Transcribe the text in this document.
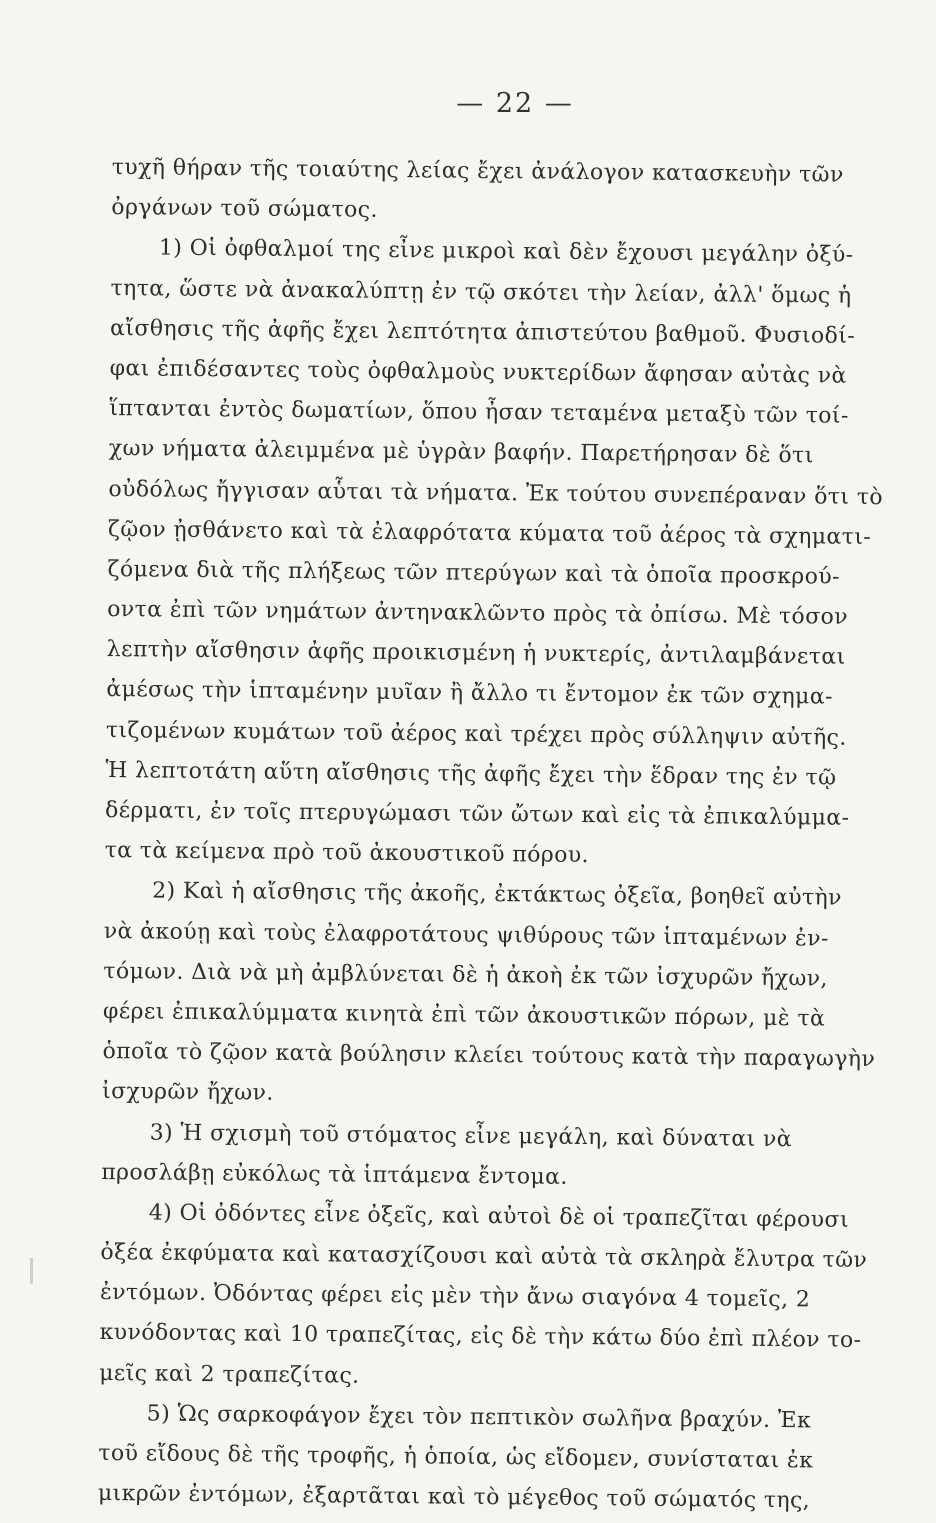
— 22 —
τυχῆ θήραν τῆς τοιαύτης λείας ἔχει ἀνάλογον κατασκευὴν τῶν
ὀργάνων τοῦ σώματος.
1) Οἱ ὀφθαλμοί της εἶνε μικροὶ καὶ δὲν ἔχουσι μεγάλην ὀξύ-
τητα, ὥστε νὰ ἀνακαλύπτῃ ἐν τῷ σκότει τὴν λείαν, ἀλλ' ὅμως ἡ
αἴσθησις τῆς ἀφῆς ἔχει λεπτότητα ἀπιστεύτου βαθμοῦ. Φυσιοδί-
φαι ἐπιδέσαντες τοὺς ὀφθαλμοὺς νυκτερίδων ἄφησαν αὐτὰς νὰ
ἵπτανται ἐντὸς δωματίων, ὅπου ἦσαν τεταμένα μεταξὺ τῶν τοί-
χων νήματα ἀλειμμένα μὲ ὑγρὰν βαφήν. Παρετήρησαν δὲ ὅτι
οὐδόλως ἤγγισαν αὗται τὰ νήματα. Ἐκ τούτου συνεπέραναν ὅτι τὸ
ζῷον ᾐσθάνετο καὶ τὰ ἐλαφρότατα κύματα τοῦ ἀέρος τὰ σχηματι-
ζόμενα διὰ τῆς πλήξεως τῶν πτερύγων καὶ τὰ ὁποῖα προσκρού-
οντα ἐπὶ τῶν νημάτων ἀντηνακλῶντο πρὸς τὰ ὀπίσω. Μὲ τόσον
λεπτὴν αἴσθησιν ἀφῆς προικισμένη ἡ νυκτερίς, ἀντιλαμβάνεται
ἀμέσως τὴν ἱπταμένην μυῖαν ἢ ἄλλο τι ἔντομον ἐκ τῶν σχημα-
τιζομένων κυμάτων τοῦ ἀέρος καὶ τρέχει πρὸς σύλληψιν αὐτῆς.
Ἡ λεπτοτάτη αὕτη αἴσθησις τῆς ἀφῆς ἔχει τὴν ἕδραν της ἐν τῷ
δέρματι, ἐν τοῖς πτερυγώμασι τῶν ὤτων καὶ εἰς τὰ ἐπικαλύμμα-
τα τὰ κείμενα πρὸ τοῦ ἀκουστικοῦ πόρου.
2) Καὶ ἡ αἴσθησις τῆς ἀκοῆς, ἐκτάκτως ὀξεῖα, βοηθεῖ αὐτὴν
νὰ ἀκούῃ καὶ τοὺς ἐλαφροτάτους ψιθύρους τῶν ἱπταμένων ἐν-
τόμων. Διὰ νὰ μὴ ἀμβλύνεται δὲ ἡ ἀκοὴ ἐκ τῶν ἰσχυρῶν ἤχων,
φέρει ἐπικαλύμματα κινητὰ ἐπὶ τῶν ἀκουστικῶν πόρων, μὲ τὰ
ὁποῖα τὸ ζῷον κατὰ βούλησιν κλείει τούτους κατὰ τὴν παραγωγὴν
ἰσχυρῶν ἤχων.
3) Ἡ σχισμὴ τοῦ στόματος εἶνε μεγάλη, καὶ δύναται νὰ
προσλάβῃ εὐκόλως τὰ ἱπτάμενα ἔντομα.
4) Οἱ ὀδόντες εἶνε ὀξεῖς, καὶ αὐτοὶ δὲ οἱ τραπεζῖται φέρουσι
ὀξέα ἐκφύματα καὶ κατασχίζουσι καὶ αὐτὰ τὰ σκληρὰ ἔλυτρα τῶν
ἐντόμων. Ὀδόντας φέρει εἰς μὲν τὴν ἄνω σιαγόνα 4 τομεῖς, 2
κυνόδοντας καὶ 10 τραπεζίτας, εἰς δὲ τὴν κάτω δύο ἐπὶ πλέον το-
μεῖς καὶ 2 τραπεζίτας.
5) Ὡς σαρκοφάγον ἔχει τὸν πεπτικὸν σωλῆνα βραχύν. Ἐκ
τοῦ εἴδους δὲ τῆς τροφῆς, ἡ ὁποία, ὡς εἴδομεν, συνίσταται ἐκ
μικρῶν ἐντόμων, ἐξαρτᾶται καὶ τὸ μέγεθος τοῦ σώματός της,
